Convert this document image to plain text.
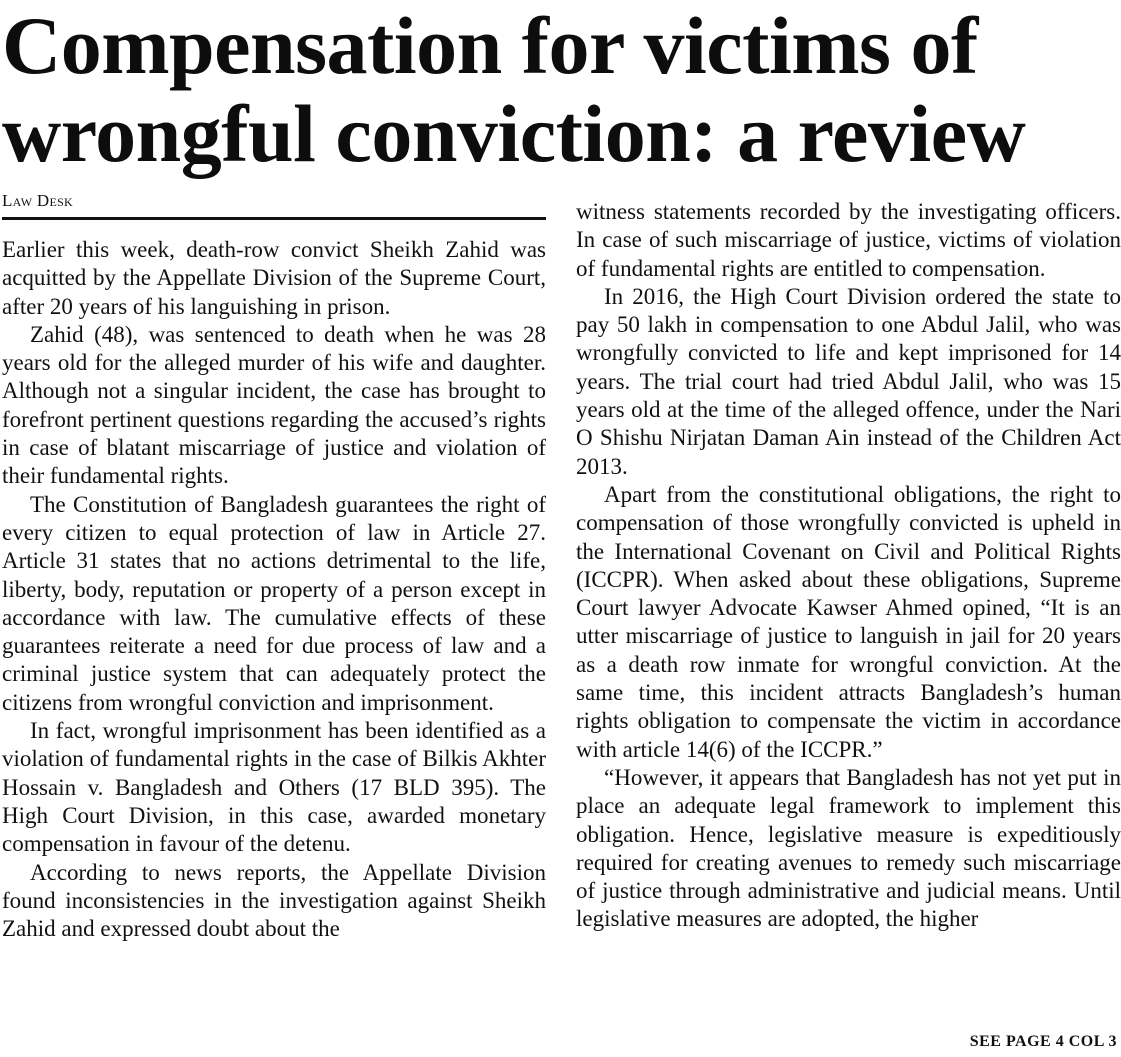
Compensation for victims of wrongful conviction: a review
Law Desk

Earlier this week, death-row convict Sheikh Zahid was acquitted by the Appellate Division of the Supreme Court, after 20 years of his languishing in prison.

Zahid (48), was sentenced to death when he was 28 years old for the alleged murder of his wife and daughter. Although not a singular incident, the case has brought to forefront pertinent questions regarding the accused’s rights in case of blatant miscarriage of justice and violation of their fundamental rights.

The Constitution of Bangladesh guarantees the right of every citizen to equal protection of law in Article 27. Article 31 states that no actions detrimental to the life, liberty, body, reputation or property of a person except in accordance with law. The cumulative effects of these guarantees reiterate a need for due process of law and a criminal justice system that can adequately protect the citizens from wrongful conviction and imprisonment.

In fact, wrongful imprisonment has been identified as a violation of fundamental rights in the case of Bilkis Akhter Hossain v. Bangladesh and Others (17 BLD 395). The High Court Division, in this case, awarded monetary compensation in favour of the detenu.

According to news reports, the Appellate Division found inconsistencies in the investigation against Sheikh Zahid and expressed doubt about the

witness statements recorded by the investigating officers. In case of such miscarriage of justice, victims of violation of fundamental rights are entitled to compensation.

In 2016, the High Court Division ordered the state to pay 50 lakh in compensation to one Abdul Jalil, who was wrongfully convicted to life and kept imprisoned for 14 years. The trial court had tried Abdul Jalil, who was 15 years old at the time of the alleged offence, under the Nari O Shishu Nirjatan Daman Ain instead of the Children Act 2013.

Apart from the constitutional obligations, the right to compensation of those wrongfully convicted is upheld in the International Covenant on Civil and Political Rights (ICCPR). When asked about these obligations, Supreme Court lawyer Advocate Kawser Ahmed opined, “It is an utter miscarriage of justice to languish in jail for 20 years as a death row inmate for wrongful conviction. At the same time, this incident attracts Bangladesh’s human rights obligation to compensate the victim in accordance with article 14(6) of the ICCPR.”

“However, it appears that Bangladesh has not yet put in place an adequate legal framework to implement this obligation. Hence, legislative measure is expeditiously required for creating avenues to remedy such miscarriage of justice through administrative and judicial means. Until legislative measures are adopted, the higher

SEE PAGE 4 COL 3
